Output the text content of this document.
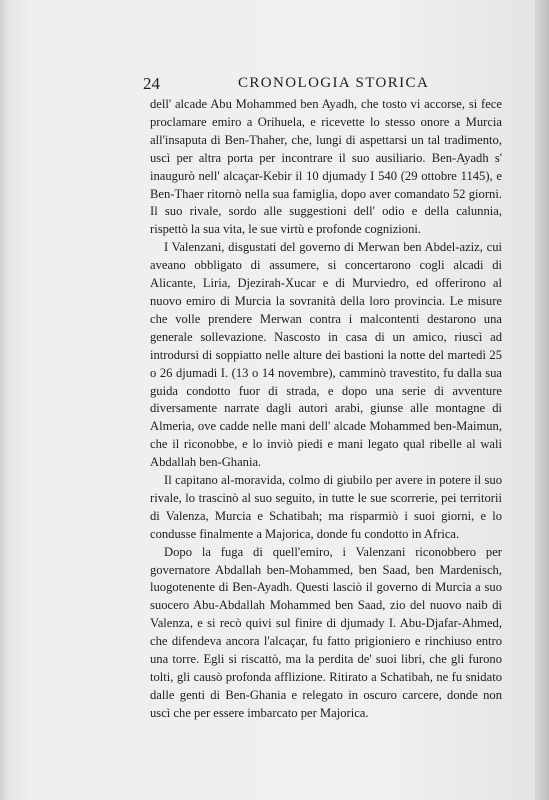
24	CRONOLOGIA STORICA

dell' alcade Abu Mohammed ben Ayadh, che tosto vi accorse, si fece proclamare emiro a Orihuela, e ricevette lo stesso onore a Murcia all'insaputa di Ben-Thaher, che, lungi di aspettarsi un tal tradimento, uscì per altra porta per incontrare il suo ausiliario. Ben-Ayadh s' inaugurò nell' alcaçar-Kebir il 10 djumady I 540 (29 ottobre 1145), e Ben-Thaer ritornò nella sua famiglia, dopo aver comandato 52 giorni. Il suo rivale, sordo alle suggestioni dell' odio e della calunnia, rispettò la sua vita, le sue virtù e profonde cognizioni.

I Valenzani, disgustati del governo di Merwan ben Abdel-aziz, cui aveano obbligato di assumere, si concertarono cogli alcadi di Alicante, Liria, Djezirah-Xucar e di Murviedro, ed offerirono al nuovo emiro di Murcia la sovranità della loro provincia. Le misure che volle prendere Merwan contra i malcontenti destarono una generale sollevazione. Nascosto in casa di un amico, riuscì ad introdursi di soppiatto nelle alture dei bastioni la notte del martedì 25 o 26 djumadi I. (13 o 14 novembre), camminò travestito, fu dalla sua guida condotto fuor di strada, e dopo una serie di avventure diversamente narrate dagli autori arabi, giunse alle montagne di Almeria, ove cadde nelle mani dell' alcade Mohammed ben-Maimun, che il riconobbe, e lo inviò piedi e mani legato qual ribelle al wali Abdallah ben-Ghania.

Il capitano al-moravida, colmo di giubilo per avere in potere il suo rivale, lo trascinò al suo seguito, in tutte le sue scorrerie, pei territorii di Valenza, Murcia e Schatibah; ma risparmiò i suoi giorni, e lo condusse finalmente a Majorica, donde fu condotto in Africa.

Dopo la fuga di quell'emiro, i Valenzani riconobbero per governatore Abdallah ben-Mohammed, ben Saad, ben Mardenisch, luogotenente di Ben-Ayadh. Questi lasciò il governo di Murcia a suo suocero Abu-Abdallah Mohammed ben Saad, zio del nuovo naib di Valenza, e si recò quivi sul finire di djumady I. Abu-Djafar-Ahmed, che difendeva ancora l'alcaçar, fu fatto prigioniero e rinchiuso entro una torre. Egli si riscattò, ma la perdita de' suoi libri, che gli furono tolti, gli causò profonda afflizione. Ritirato a Schatibah, ne fu snidato dalle genti di Ben-Ghania e relegato in oscuro carcere, donde non uscì che per essere imbarcato per Majorica.
